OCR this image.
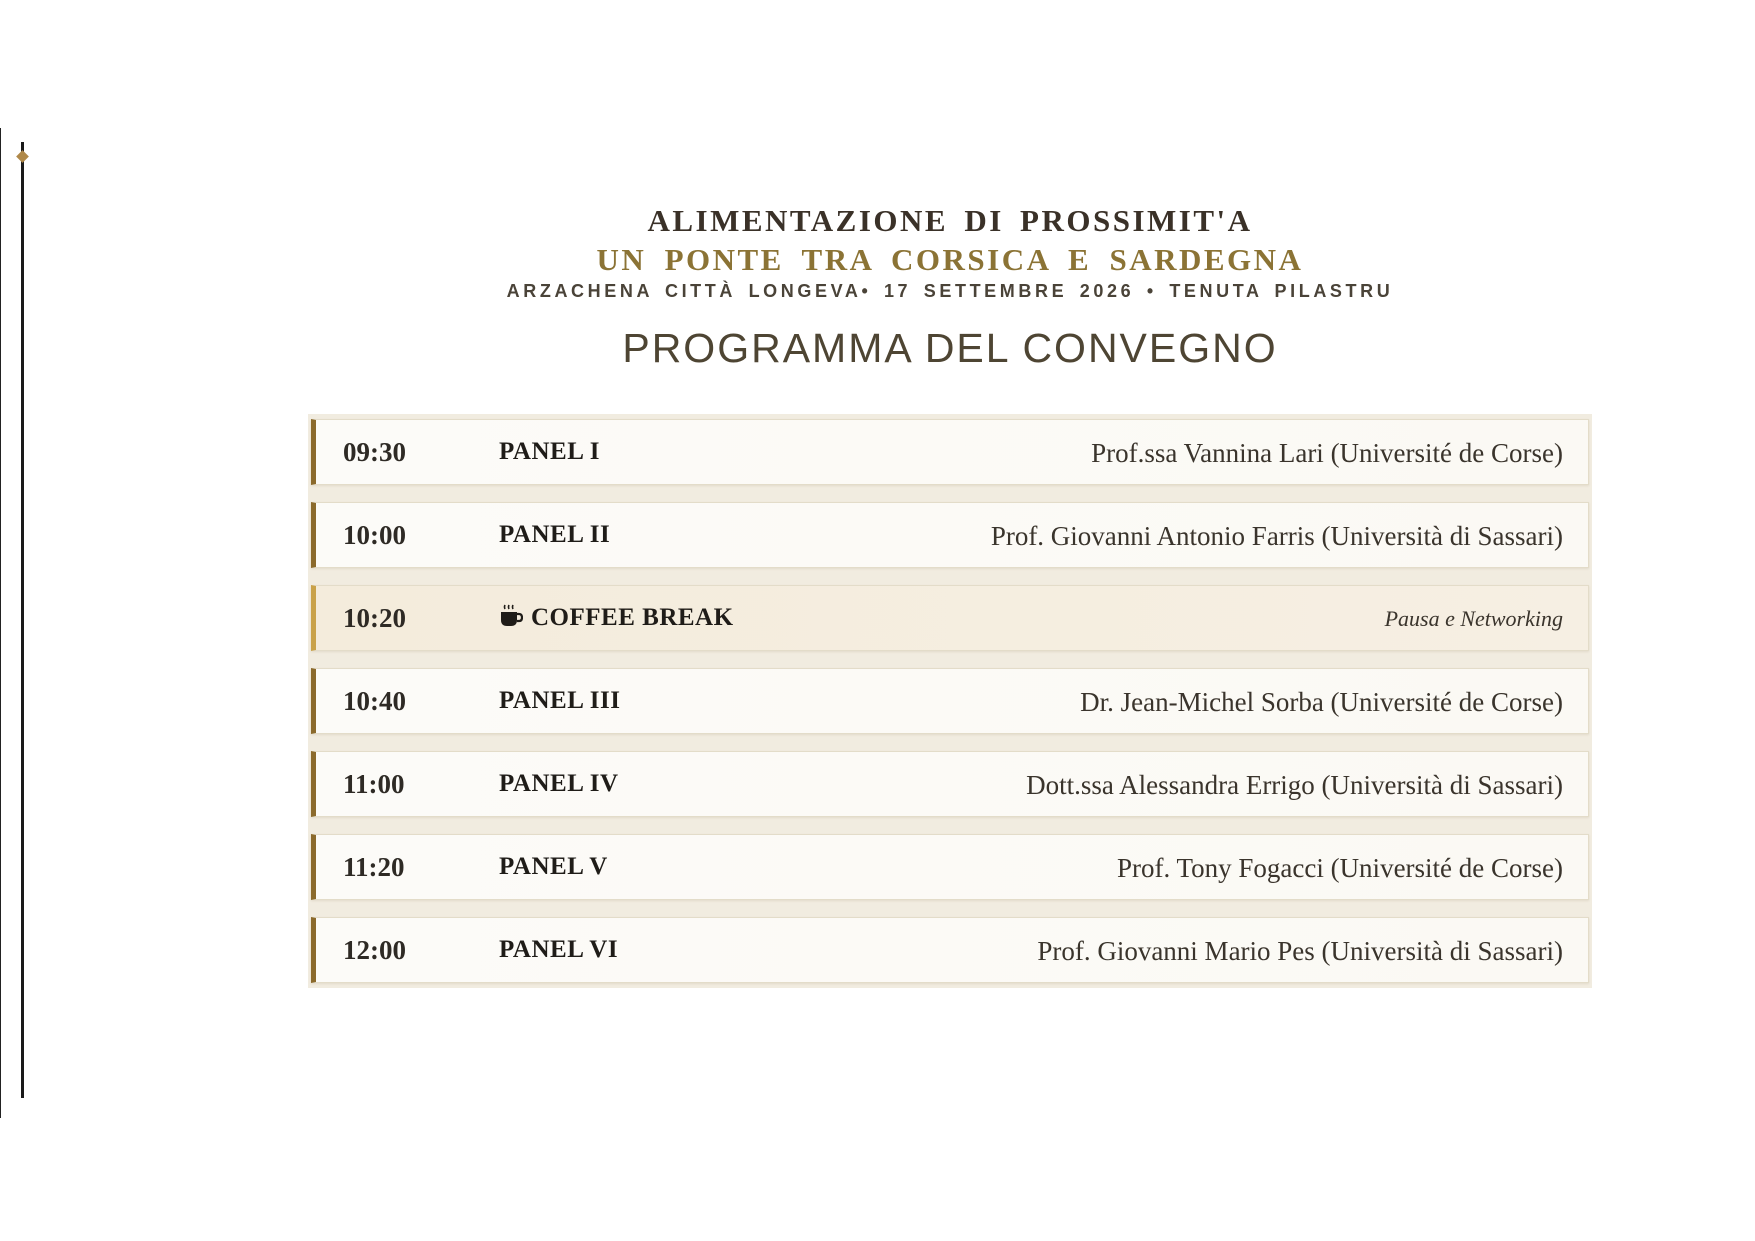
ALIMENTAZIONE DI PROSSIMIT'A
UN PONTE TRA CORSICA E SARDEGNA
ARZACHENA CITTÀ LONGEVA• 17 SETTEMBRE 2026 • TENUTA PILASTRU
PROGRAMMA DEL CONVEGNO
09:30	PANEL I	Prof.ssa Vannina Lari (Université de Corse)
10:00	PANEL II	Prof. Giovanni Antonio Farris (Università di Sassari)
10:20	COFFEE BREAK	Pausa e Networking
10:40	PANEL III	Dr. Jean-Michel Sorba (Université de Corse)
11:00	PANEL IV	Dott.ssa Alessandra Errigo (Università di Sassari)
11:20	PANEL V	Prof. Tony Fogacci (Université de Corse)
12:00	PANEL VI	Prof. Giovanni Mario Pes (Università di Sassari)
